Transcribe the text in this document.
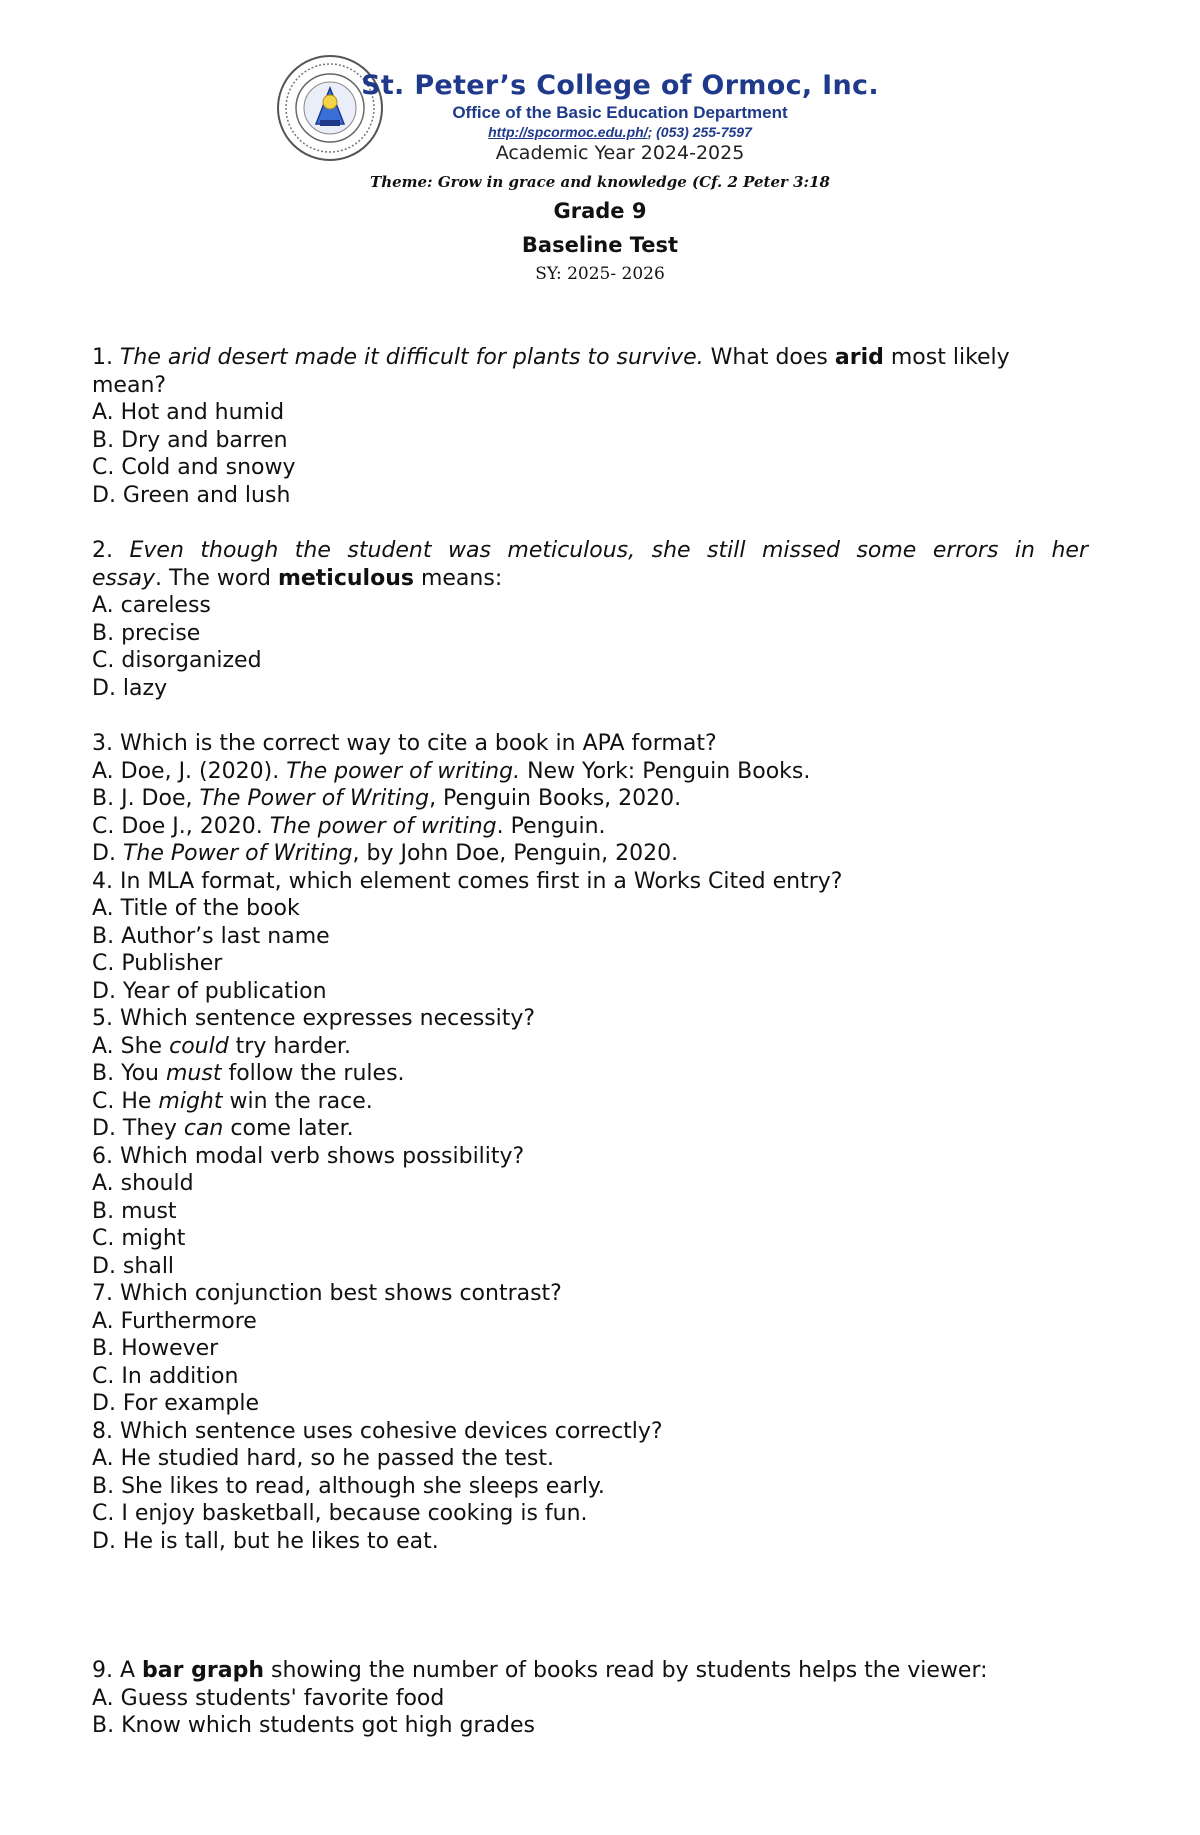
St. Peter’s College of Ormoc, Inc.
Office of the Basic Education Department
http://spcormoc.edu.ph/; (053) 255-7597
Academic Year 2024-2025
Theme: Grow in grace and knowledge (Cf. 2 Peter 3:18
Grade 9
Baseline Test
SY: 2025- 2026
1. The arid desert made it difficult for plants to survive. What does arid most likely
mean?
A. Hot and humid
B. Dry and barren
C. Cold and snowy
D. Green and lush
2. Even though the student was meticulous, she still missed some errors in her
essay. The word meticulous means:
A. careless
B. precise
C. disorganized
D. lazy
3. Which is the correct way to cite a book in APA format?
A. Doe, J. (2020). The power of writing. New York: Penguin Books.
B. J. Doe, The Power of Writing, Penguin Books, 2020.
C. Doe J., 2020. The power of writing. Penguin.
D. The Power of Writing, by John Doe, Penguin, 2020.
4. In MLA format, which element comes first in a Works Cited entry?
A. Title of the book
B. Author’s last name
C. Publisher
D. Year of publication
5. Which sentence expresses necessity?
A. She could try harder.
B. You must follow the rules.
C. He might win the race.
D. They can come later.
6. Which modal verb shows possibility?
A. should
B. must
C. might
D. shall
7. Which conjunction best shows contrast?
A. Furthermore
B. However
C. In addition
D. For example
8. Which sentence uses cohesive devices correctly?
A. He studied hard, so he passed the test.
B. She likes to read, although she sleeps early.
C. I enjoy basketball, because cooking is fun.
D. He is tall, but he likes to eat.
9. A bar graph showing the number of books read by students helps the viewer:
A. Guess students' favorite food
B. Know which students got high grades
